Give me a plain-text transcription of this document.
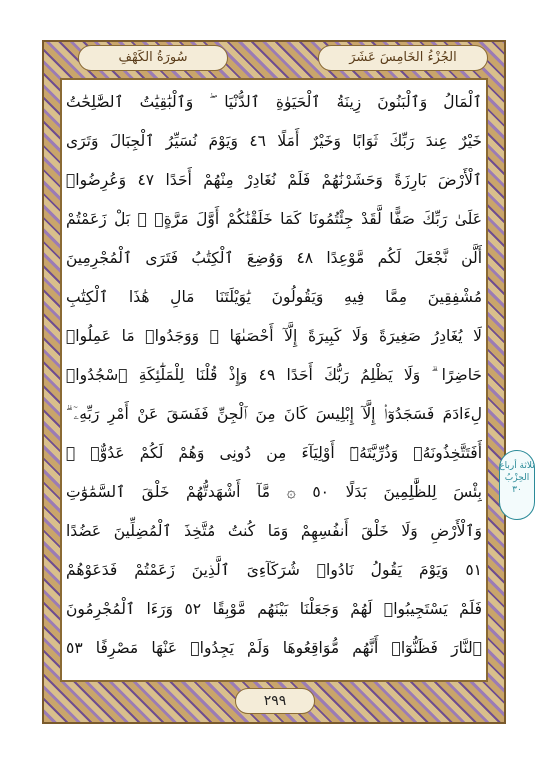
الجُزْءُ الخَامِسَ عَشَرَ
سُورَةُ الكَهْفِ
ٱلْمَالُ وَٱلْبَنُونَ زِينَةُ ٱلْحَيَوٰةِ ٱلدُّنْيَا ۖ وَٱلْبَٰقِيَٰتُ ٱلصَّٰلِحَٰتُ
خَيْرٌ عِندَ رَبِّكَ ثَوَابًا وَخَيْرٌ أَمَلًا ٤٦ وَيَوْمَ نُسَيِّرُ ٱلْجِبَالَ وَتَرَى
ٱلْأَرْضَ بَارِزَةً وَحَشَرْنَٰهُمْ فَلَمْ نُغَادِرْ مِنْهُمْ أَحَدًا ٤٧ وَعُرِضُوا۟
عَلَىٰ رَبِّكَ صَفًّا لَّقَدْ جِئْتُمُونَا كَمَا خَلَقْنَٰكُمْ أَوَّلَ مَرَّةٍۭ ۚ بَلْ زَعَمْتُمْ
أَلَّن نَّجْعَلَ لَكُم مَّوْعِدًا ٤٨ وَوُضِعَ ٱلْكِتَٰبُ فَتَرَى ٱلْمُجْرِمِينَ
مُشْفِقِينَ مِمَّا فِيهِ وَيَقُولُونَ يَٰوَيْلَتَنَا مَالِ هَٰذَا ٱلْكِتَٰبِ
لَا يُغَادِرُ صَغِيرَةً وَلَا كَبِيرَةً إِلَّآ أَحْصَىٰهَا ۚ وَوَجَدُوا۟ مَا عَمِلُوا۟
حَاضِرًا ۗ وَلَا يَظْلِمُ رَبُّكَ أَحَدًا ٤٩ وَإِذْ قُلْنَا لِلْمَلَٰٓئِكَةِ ٱسْجُدُوا۟
لِءَادَمَ فَسَجَدُوٓا۟ إِلَّآ إِبْلِيسَ كَانَ مِنَ ٱلْجِنِّ فَفَسَقَ عَنْ أَمْرِ رَبِّهِۦٓ ۗ
أَفَتَتَّخِذُونَهُۥ وَذُرِّيَّتَهُۥٓ أَوْلِيَآءَ مِن دُونِى وَهُمْ لَكُمْ عَدُوٌّۢ ۚ
بِئْسَ لِلظَّٰلِمِينَ بَدَلًا ٥٠ ۞ مَّآ أَشْهَدتُّهُمْ خَلْقَ ٱلسَّمَٰوَٰتِ
وَٱلْأَرْضِ وَلَا خَلْقَ أَنفُسِهِمْ وَمَا كُنتُ مُتَّخِذَ ٱلْمُضِلِّينَ عَضُدًا
٥١ وَيَوْمَ يَقُولُ نَادُوا۟ شُرَكَآءِىَ ٱلَّذِينَ زَعَمْتُمْ فَدَعَوْهُمْ
فَلَمْ يَسْتَجِيبُوا۟ لَهُمْ وَجَعَلْنَا بَيْنَهُم مَّوْبِقًا ٥٢ وَرَءَا ٱلْمُجْرِمُونَ
ٱلنَّارَ فَظَنُّوٓا۟ أَنَّهُم مُّوَاقِعُوهَا وَلَمْ يَجِدُوا۟ عَنْهَا مَصْرِفًا ٥٣
ثلاثة أرباع
الحِزْبُ
٣٠
٢٩٩
